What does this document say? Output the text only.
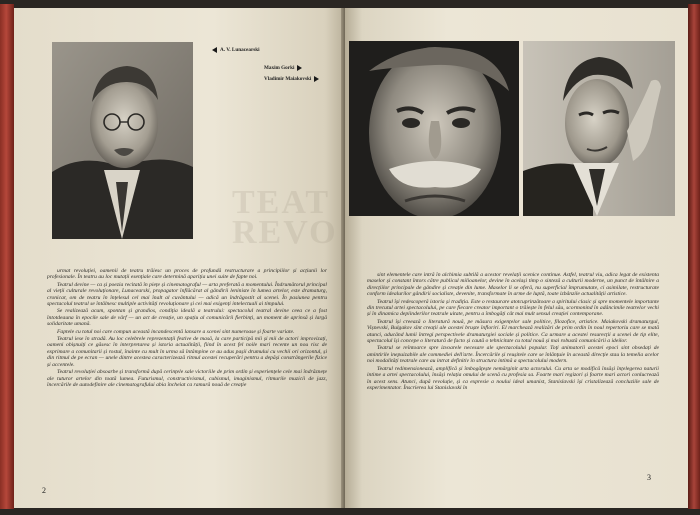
TEAT REVO
A. V. Lunacearski
Maxim Gorki
Vladimir Maiakovski

urmat revoluției, oamenii de teatru trăiesc un proces de profundă restructurare a principiilor și acțiunii lor profesionale. În teatru au loc mutații esențiale care determină apariția unei suite de fapte noi.

Teatrul devine — ca și poezia recitată în piețe și cinematograful — arta preferată a momentului. Îndrumătorul principal al vieții culturale revoluționare, Lunacearski, propagator înflăcărat al gândirii leniniste în lumea artelor, este dramaturg, cronicar, om de teatru în înțelesul cel mai înalt al cuvântului — adică un îndrăgostit al scenei. În pasiunea pentru spectacolul teatral se întâlnesc multiple activități revoluționare și cei mai exigenți intelectuali ai timpului.

Se realizează acum, spontan și grandios, condiția ideală a teatrului: spectacolul teatral devine ceea ce a fost întotdeauna în epocile sale de vârf — un act de creație, un spațiu al comunicării fierbinți, un moment de aprinsă și largă solidaritate umană.

Faptele cu totul noi care compun această incandescentă lansare a scenei sint numeroase și foarte variate.

Teatrul iese în stradă. Au loc celebrele reprezentații festive de masă, la care participă mii și mii de actori improvizați, oameni obișnuiți ce găsesc în interpretarea și istoria actualității, fiind în acest fel noile mari recente un nou risc de exprimare a comunitarii și rostul, înainte cu mult în urma să întâmpine ce au adus pașii drumului cu vechii ori orizontul, și din ritmul de pe ecran — unele dintre acestea caracterizează ritmul acestei recuperări pentru a depăși constrângerile fizice și accentele.

Teatrul revoluției absoarbe și transformă după cerințele sale victoriile de prim ordin și experiențele cele mai îndrăznețe ale tuturor artelor din toată lumea. Futurismul, constructivismul, cubismul, imaginismul, ritmurile muzicii de jazz, încercările de autodefinire ale cinematografului abia încheiat ca ramură nouă de creație

2

sint elementele care intră în alchimia subtilă a acestor revelații scenice continue. Astfel, teatrul viu, adica legat de existenta maselor și constant întors către publicul milioanelor, devine în același timp o sinteză a culturii moderne, un punct de întâlnire a direcțiilor principale de gândire și creație din lume. Maselor li se oferă, nu superficial împrumutate, ci asimilate, restructurate conform idealurilor gândirii socialiste, devenite, transformate în arme de luptă, toate izbânzile actualității artistice.

Teatrul își redescoperă istoria și tradiția. Este o restaurare atotcuprinzătoare a spiritului clasic și spre momentele importante din trecutul artei spectacolului, pe care fiecare creator important o trăiește în felul său, scormonind în adâncimile teatrelor vechi și în dinamica depiinderilor teatrale uitate, pentru a îmbogăți cât mai mult sensul creației contemporane.

Teatrul își creează o literatură nouă, pe măsura exigențelor sale politice, filozofice, artistice. Maiakovski dramaturgul, Vișnevski, Bulgakov sînt creații ale acestei bruște înfloriri. El marchează realizări de prim ordin în noul repertoriu care se mată atunci, aducând lumii întregi perspectivele dramaturgiei sociale și politice. Ca urmare a acestei resurecții a scenei de tip elite, spectacolul își concepe o literatură de facto și caută o tehnicitate cu totul nouă și mai robustă comunicării a ideilor.

Teatrul se reîntoarce spre izvoarele necesare ale spectacolului popular. Toți animatorii acestei epoci sint obsedați de amintirile inepuizabile ale commediei dell'arte. Încercările și reușitele care se înlănțuie în această direcție stau la temelia acelor noi modalități teatrale care au intrat definitiv în structura intimă a spectacolului modern.

Teatrul redimensionează, amplifică și îmbogățește nemărginit arta actorului. Cu arta se modifică însăși înțelegerea naturii intime a artei spectacolului, însăși relația omului de scenă cu profesia sa. Foarte mari regizori și foarte mari actori conlucrează în acest sens. Atunci, după revoluție, și ca expresie a noului ideal umanist, Stanislavski își cristalizează concluziile sale de experimentator. Înscrierea lui Stanislavski în

3
